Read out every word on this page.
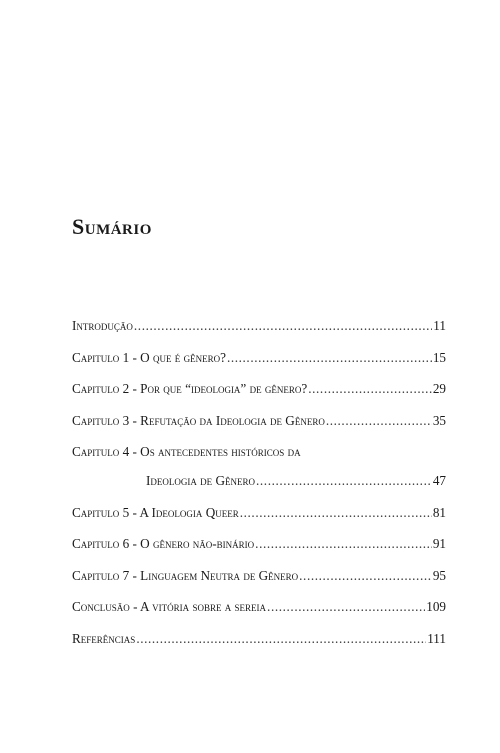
Sumário
Introdução .....	11
Capitulo 1 - O que é gênero? .....	15
Capitulo 2 - Por que “ideologia” de gênero? .....	29
Capitulo 3 - Refutação da Ideologia de Gênero .....	35
Capitulo 4 - Os antecedentes históricos da
Ideologia de Gênero .....	47
Capitulo 5 - A Ideologia Queer .....	81
Capitulo 6 - O gênero não-binário .....	91
Capitulo 7 - Linguagem Neutra de Gênero .....	95
Conclusão - A vitória sobre a sereia .....	109
Referências .....	111
